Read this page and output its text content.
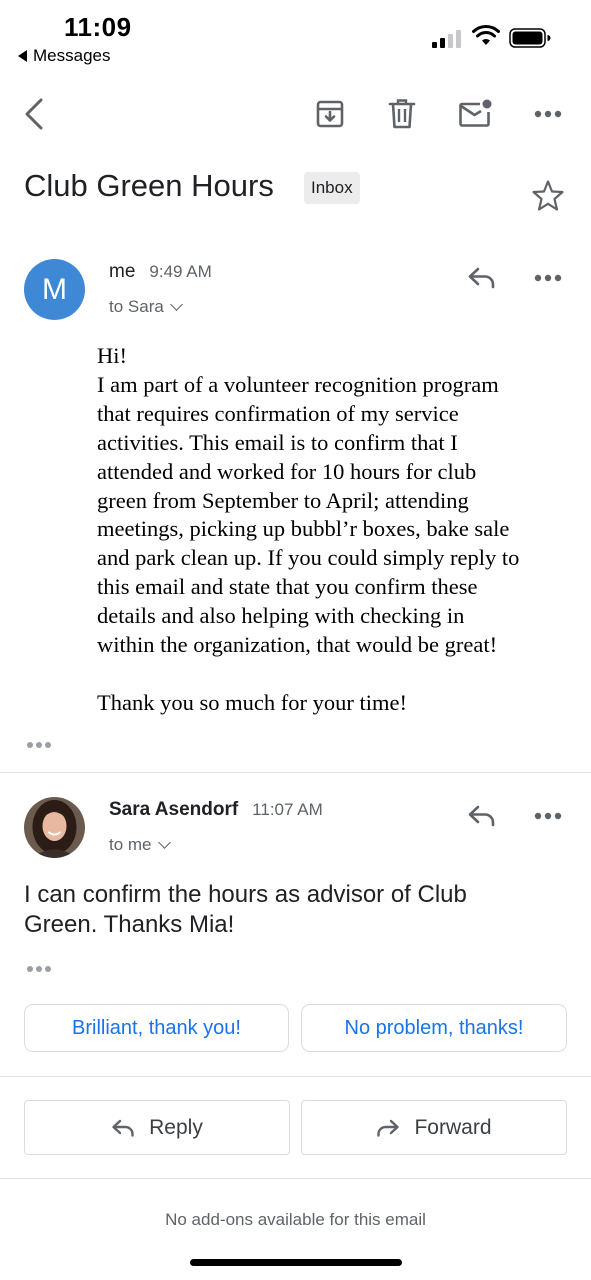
11:09
Messages
Club Green Hours	Inbox
M
me 9:49 AM
to Sara

Hi!

I am part of a volunteer recognition program

that requires confirmation of my service

activities. This email is to confirm that I

attended and worked for 10 hours for club

green from September to April; attending

meetings, picking up bubbl’r boxes, bake sale

and park clean up. If you could simply reply to

this email and state that you confirm these

details and also helping with checking in

within the organization, that would be great!

Thank you so much for your time!

Sara Asendorf 11:07 AM
to me
I can confirm the hours as advisor of Club
Green. Thanks Mia!
Brilliant, thank you!	No problem, thanks!
Reply	Forward
No add-ons available for this email
